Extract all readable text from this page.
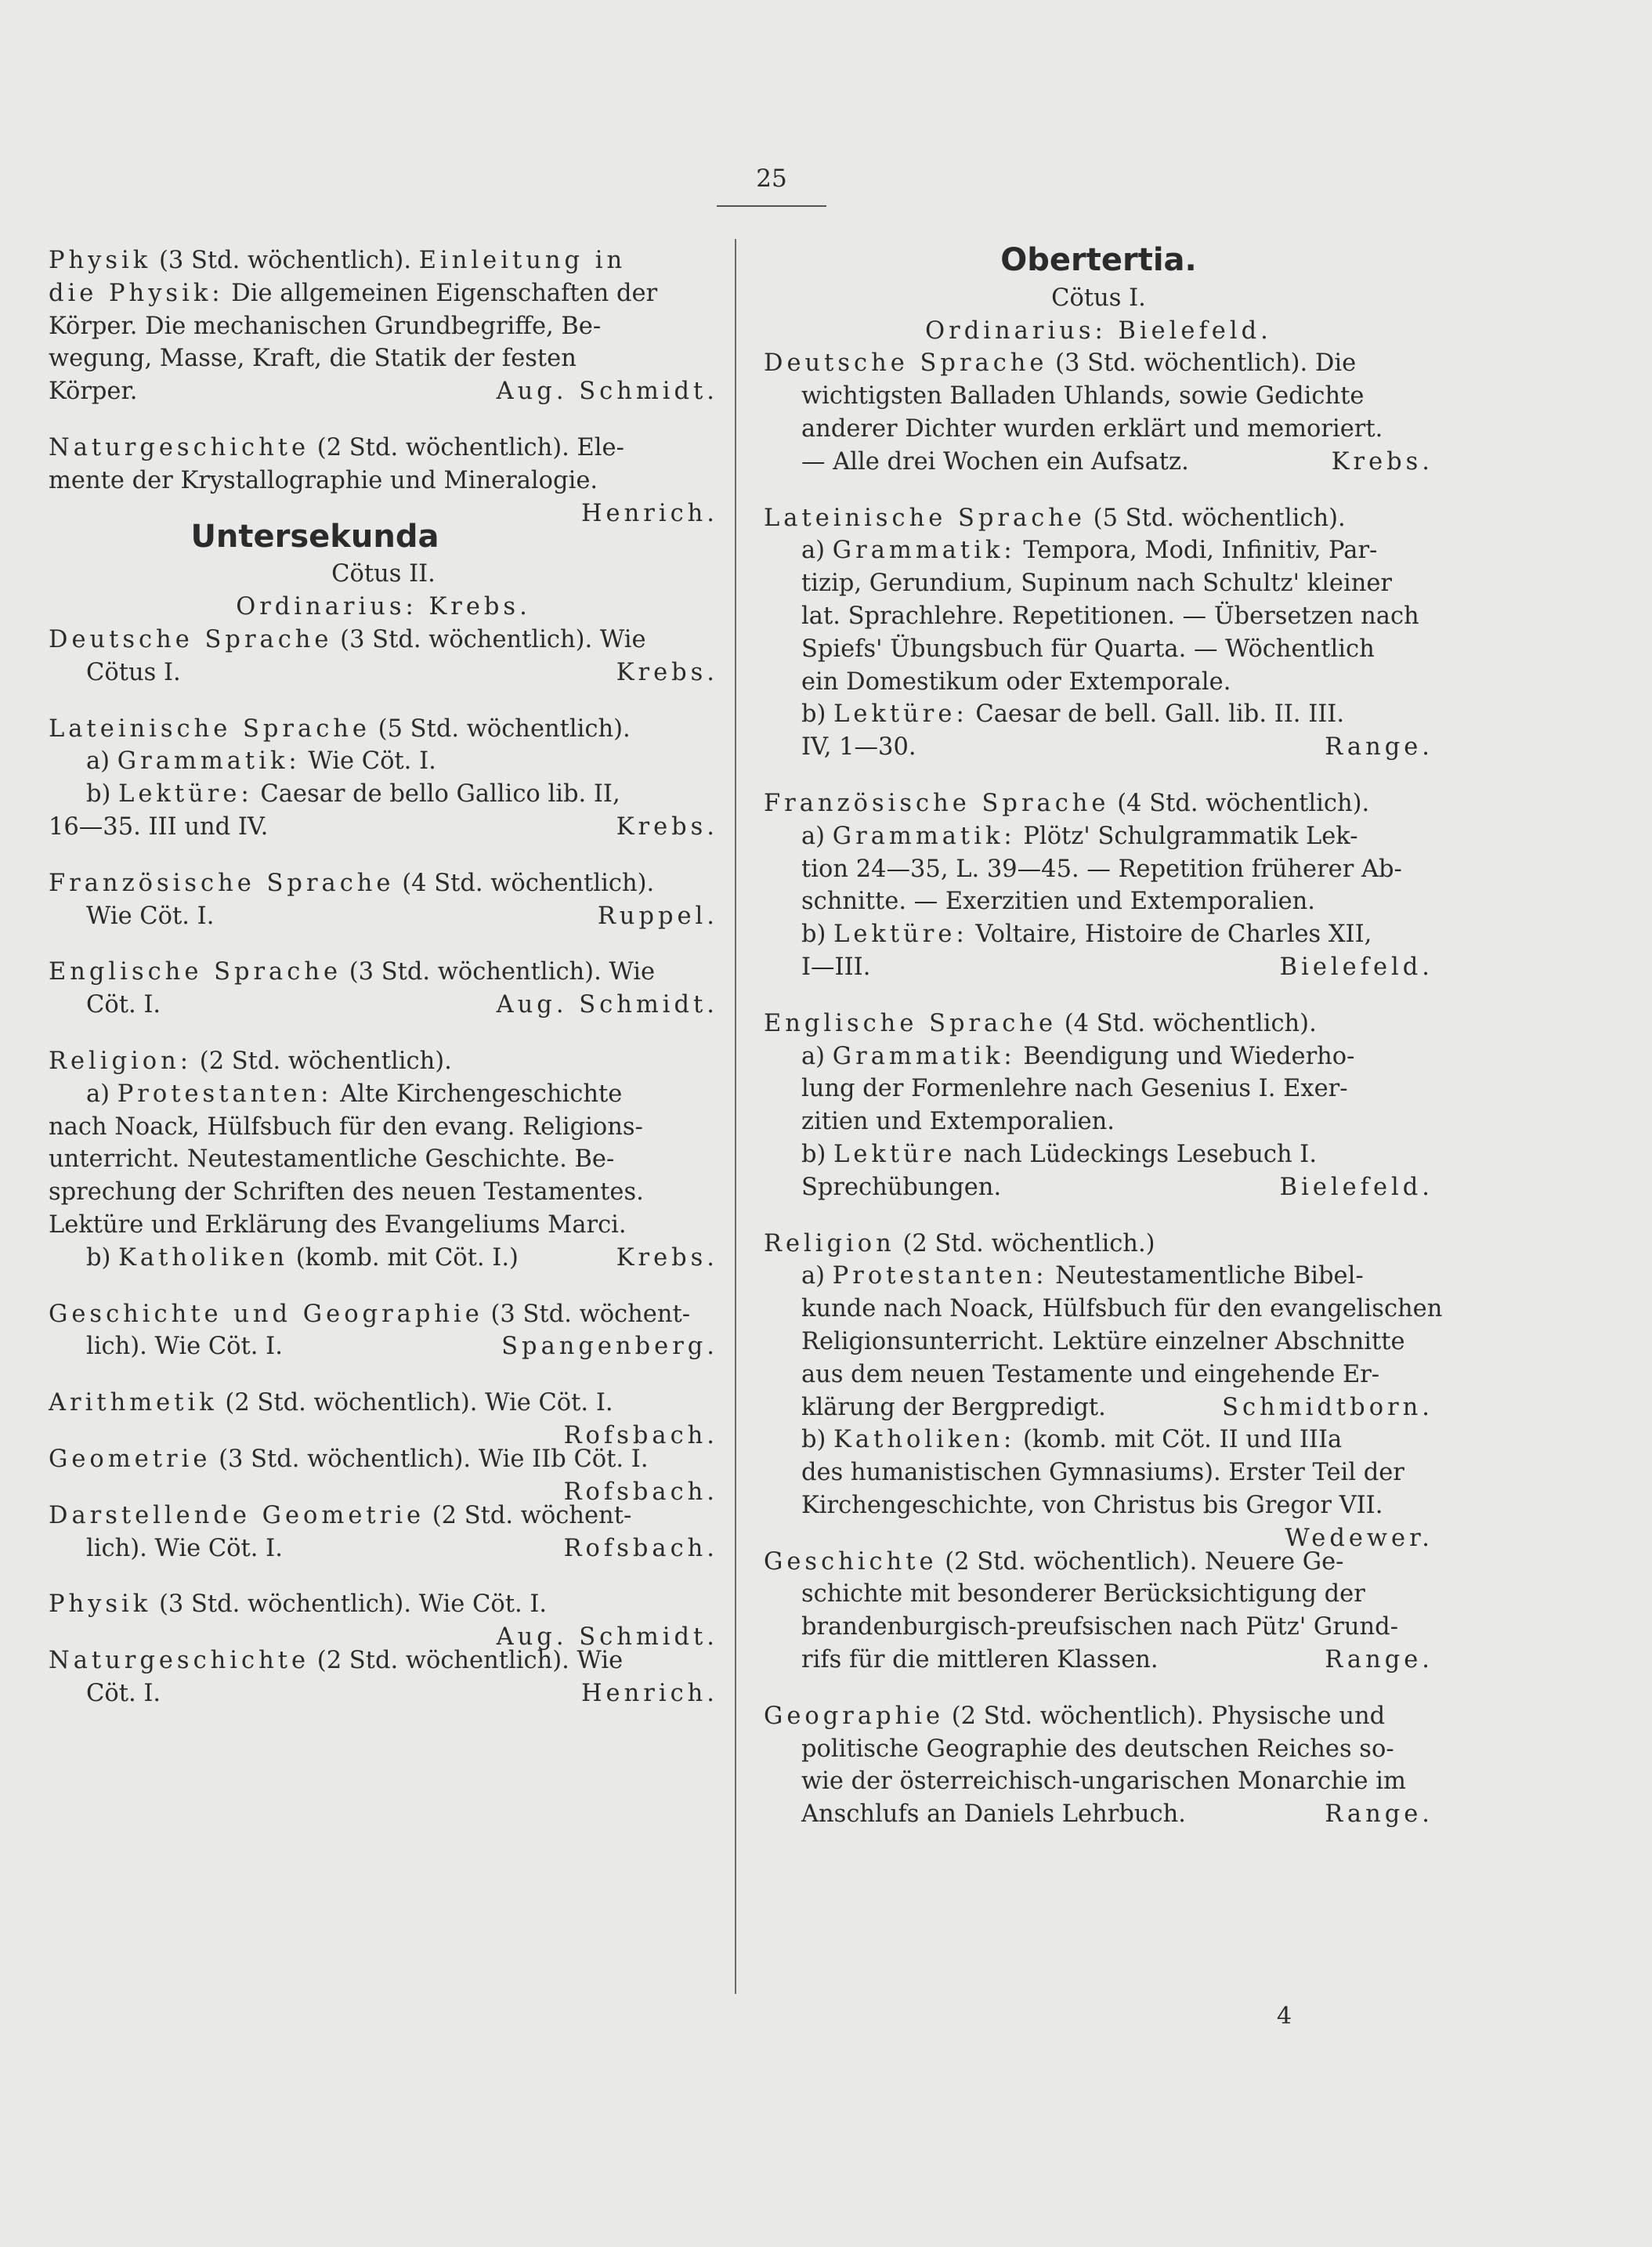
25
Physik (3 Std. wöchentlich). Einleitung in
die Physik: Die allgemeinen Eigenschaften der
Körper. Die mechanischen Grundbegriffe, Be-
wegung, Masse, Kraft, die Statik der festen
Körper.	Aug. Schmidt.
Naturgeschichte (2 Std. wöchentlich). Ele-
mente der Krystallographie und Mineralogie.
Henrich.
Untersekunda
Cötus II.
Ordinarius: Krebs.
Deutsche Sprache (3 Std. wöchentlich). Wie
Cötus I.	Krebs.
Lateinische Sprache (5 Std. wöchentlich).
a) Grammatik: Wie Cöt. I.
b) Lektüre: Caesar de bello Gallico lib. II,
16—35. III und IV.	Krebs.
Französische Sprache (4 Std. wöchentlich).
Wie Cöt. I.	Ruppel.
Englische Sprache (3 Std. wöchentlich). Wie
Cöt. I.	Aug. Schmidt.
Religion: (2 Std. wöchentlich).
a) Protestanten: Alte Kirchengeschichte
nach Noack, Hülfsbuch für den evang. Religions-
unterricht. Neutestamentliche Geschichte. Be-
sprechung der Schriften des neuen Testamentes.
Lektüre und Erklärung des Evangeliums Marci.
Krebs.
b) Katholiken (komb. mit Cöt. I.)
Geschichte und Geographie (3 Std. wöchent-
lich). Wie Cöt. I.	Spangenberg.
Arithmetik (2 Std. wöchentlich). Wie Cöt. I.
Rofsbach.
Geometrie (3 Std. wöchentlich). Wie IIb Cöt. I.
Rofsbach.
Darstellende Geometrie (2 Std. wöchent-
lich). Wie Cöt. I.	Rofsbach.
Physik (3 Std. wöchentlich). Wie Cöt. I.
Aug. Schmidt.
Naturgeschichte (2 Std. wöchentlich). Wie
Cöt. I.	Henrich.
Obertertia.
Cötus I.
Ordinarius: Bielefeld.
Deutsche Sprache (3 Std. wöchentlich). Die
wichtigsten Balladen Uhlands, sowie Gedichte
anderer Dichter wurden erklärt und memoriert.
— Alle drei Wochen ein Aufsatz.	Krebs.
Lateinische Sprache (5 Std. wöchentlich).
a) Grammatik: Tempora, Modi, Infinitiv, Par-
tizip, Gerundium, Supinum nach Schultz' kleiner
lat. Sprachlehre. Repetitionen. — Übersetzen nach
Spiefs' Übungsbuch für Quarta. — Wöchentlich
ein Domestikum oder Extemporale.
b) Lektüre: Caesar de bell. Gall. lib. II. III.
IV, 1—30.	Range.
Französische Sprache (4 Std. wöchentlich).
a) Grammatik: Plötz' Schulgrammatik Lek-
tion 24—35, L. 39—45. — Repetition früherer Ab-
schnitte. — Exerzitien und Extemporalien.
b) Lektüre: Voltaire, Histoire de Charles XII,
I—III.	Bielefeld.
Englische Sprache (4 Std. wöchentlich).
a) Grammatik: Beendigung und Wiederho-
lung der Formenlehre nach Gesenius I. Exer-
zitien und Extemporalien.
b) Lektüre nach Lüdeckings Lesebuch I.
Sprechübungen.	Bielefeld.
Religion (2 Std. wöchentlich.)
a) Protestanten: Neutestamentliche Bibel-
kunde nach Noack, Hülfsbuch für den evangelischen
Religionsunterricht. Lektüre einzelner Abschnitte
aus dem neuen Testamente und eingehende Er-
klärung der Bergpredigt.	Schmidtborn.
b) Katholiken: (komb. mit Cöt. II und IIIa
des humanistischen Gymnasiums). Erster Teil der
Kirchengeschichte, von Christus bis Gregor VII.
Wedewer.
Geschichte (2 Std. wöchentlich). Neuere Ge-
schichte mit besonderer Berücksichtigung der
brandenburgisch-preufsischen nach Pütz' Grund-
rifs für die mittleren Klassen.	Range.
Geographie (2 Std. wöchentlich). Physische und
politische Geographie des deutschen Reiches so-
wie der österreichisch-ungarischen Monarchie im
Anschlufs an Daniels Lehrbuch.	Range.
4
